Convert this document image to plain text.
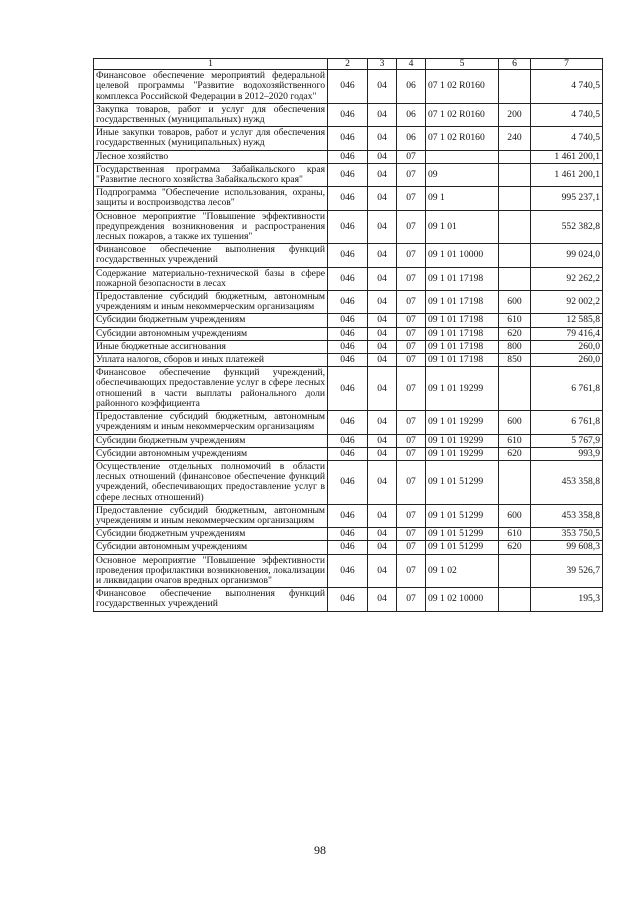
1	2	3	4	5	6	7
Финансовое обеспечение мероприятий федеральной целевой программы "Развитие водохозяйственного комплекса Российской Федерации в 2012–2020 годах"	046	04	06	07 1 02 R0160		4 740,5
Закупка товаров, работ и услуг для обеспечения государственных (муниципальных) нужд	046	04	06	07 1 02 R0160	200	4 740,5
Иные закупки товаров, работ и услуг для обеспечения государственных (муниципальных) нужд	046	04	06	07 1 02 R0160	240	4 740,5
Лесное хозяйство	046	04	07			1 461 200,1
Государственная программа Забайкальского края "Развитие лесного хозяйства Забайкальского края"	046	04	07	09		1 461 200,1
Подпрограмма "Обеспечение использования, охраны, защиты и воспроизводства лесов"	046	04	07	09 1		995 237,1
Основное мероприятие "Повышение эффективности предупреждения возникновения и распространения лесных пожаров, а также их тушения"	046	04	07	09 1 01		552 382,8
Финансовое обеспечение выполнения функций государственных учреждений	046	04	07	09 1 01 10000		99 024,0
Содержание материально-технической базы в сфере пожарной безопасности в лесах	046	04	07	09 1 01 17198		92 262,2
Предоставление субсидий бюджетным, автономным учреждениям и иным некоммерческим организациям	046	04	07	09 1 01 17198	600	92 002,2
Субсидии бюджетным учреждениям	046	04	07	09 1 01 17198	610	12 585,8
Субсидии автономным учреждениям	046	04	07	09 1 01 17198	620	79 416,4
Иные бюджетные ассигнования	046	04	07	09 1 01 17198	800	260,0
Уплата налогов, сборов и иных платежей	046	04	07	09 1 01 17198	850	260,0
Финансовое обеспечение функций учреждений, обеспечивающих предоставление услуг в сфере лесных отношений в части выплаты районального доли районного коэффициента	046	04	07	09 1 01 19299		6 761,8
Предоставление субсидий бюджетным, автономным учреждениям и иным некоммерческим организациям	046	04	07	09 1 01 19299	600	6 761,8
Субсидии бюджетным учреждениям	046	04	07	09 1 01 19299	610	5 767,9
Субсидии автономным учреждениям	046	04	07	09 1 01 19299	620	993,9
Осуществление отдельных полномочий в области лесных отношений (финансовое обеспечение функций учреждений, обеспечивающих предоставление услуг в сфере лесных отношений)	046	04	07	09 1 01 51299		453 358,8
Предоставление субсидий бюджетным, автономным учреждениям и иным некоммерческим организациям	046	04	07	09 1 01 51299	600	453 358,8
Субсидии бюджетным учреждениям	046	04	07	09 1 01 51299	610	353 750,5
Субсидии автономным учреждениям	046	04	07	09 1 01 51299	620	99 608,3
Основное мероприятие "Повышение эффективности проведения профилактики возникновения, локализации и ликвидации очагов вредных организмов"	046	04	07	09 1 02		39 526,7
Финансовое обеспечение выполнения функций государственных учреждений	046	04	07	09 1 02 10000		195,3
98
